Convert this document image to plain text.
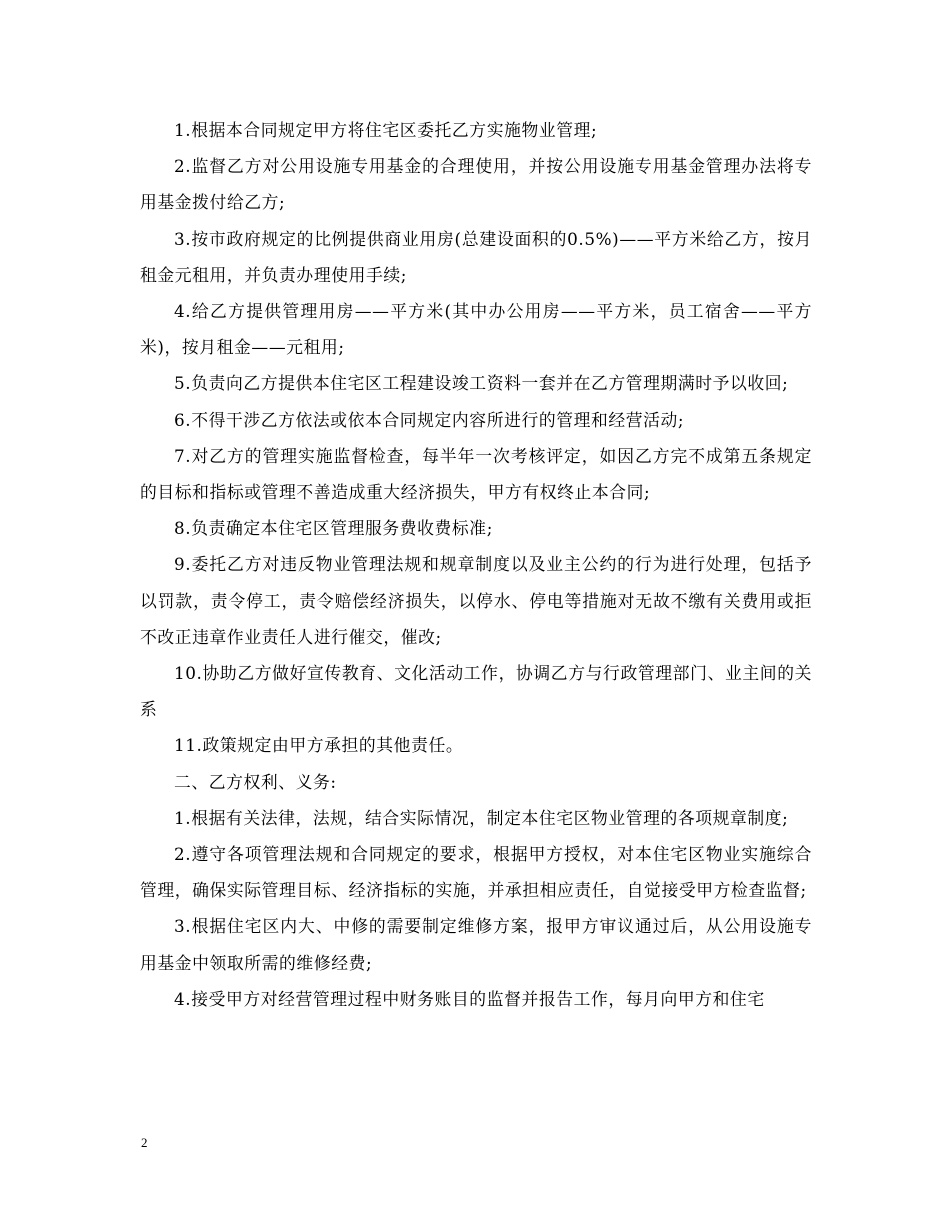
1.根据本合同规定甲方将住宅区委托乙方实施物业管理;

2.监督乙方对公用设施专用基金的合理使用，并按公用设施专用基金管理办法将专用基金拨付给乙方;

3.按市政府规定的比例提供商业用房(总建设面积的0.5%)——平方米给乙方，按月租金元租用，并负责办理使用手续;

4.给乙方提供管理用房——平方米(其中办公用房——平方米，员工宿舍——平方米)，按月租金——元租用;

5.负责向乙方提供本住宅区工程建设竣工资料一套并在乙方管理期满时予以收回;

6.不得干涉乙方依法或依本合同规定内容所进行的管理和经营活动;

7.对乙方的管理实施监督检查，每半年一次考核评定，如因乙方完不成第五条规定的目标和指标或管理不善造成重大经济损失，甲方有权终止本合同;

8.负责确定本住宅区管理服务费收费标准;

9.委托乙方对违反物业管理法规和规章制度以及业主公约的行为进行处理，包括予以罚款，责令停工，责令赔偿经济损失，以停水、停电等措施对无故不缴有关费用或拒不改正违章作业责任人进行催交，催改;

10.协助乙方做好宣传教育、文化活动工作，协调乙方与行政管理部门、业主间的关系

11.政策规定由甲方承担的其他责任。

二、乙方权利、义务:

1.根据有关法律，法规，结合实际情况，制定本住宅区物业管理的各项规章制度;

2.遵守各项管理法规和合同规定的要求，根据甲方授权，对本住宅区物业实施综合管理，确保实际管理目标、经济指标的实施，并承担相应责任，自觉接受甲方检查监督;

3.根据住宅区内大、中修的需要制定维修方案，报甲方审议通过后，从公用设施专用基金中领取所需的维修经费;

4.接受甲方对经营管理过程中财务账目的监督并报告工作，每月向甲方和住宅

2
